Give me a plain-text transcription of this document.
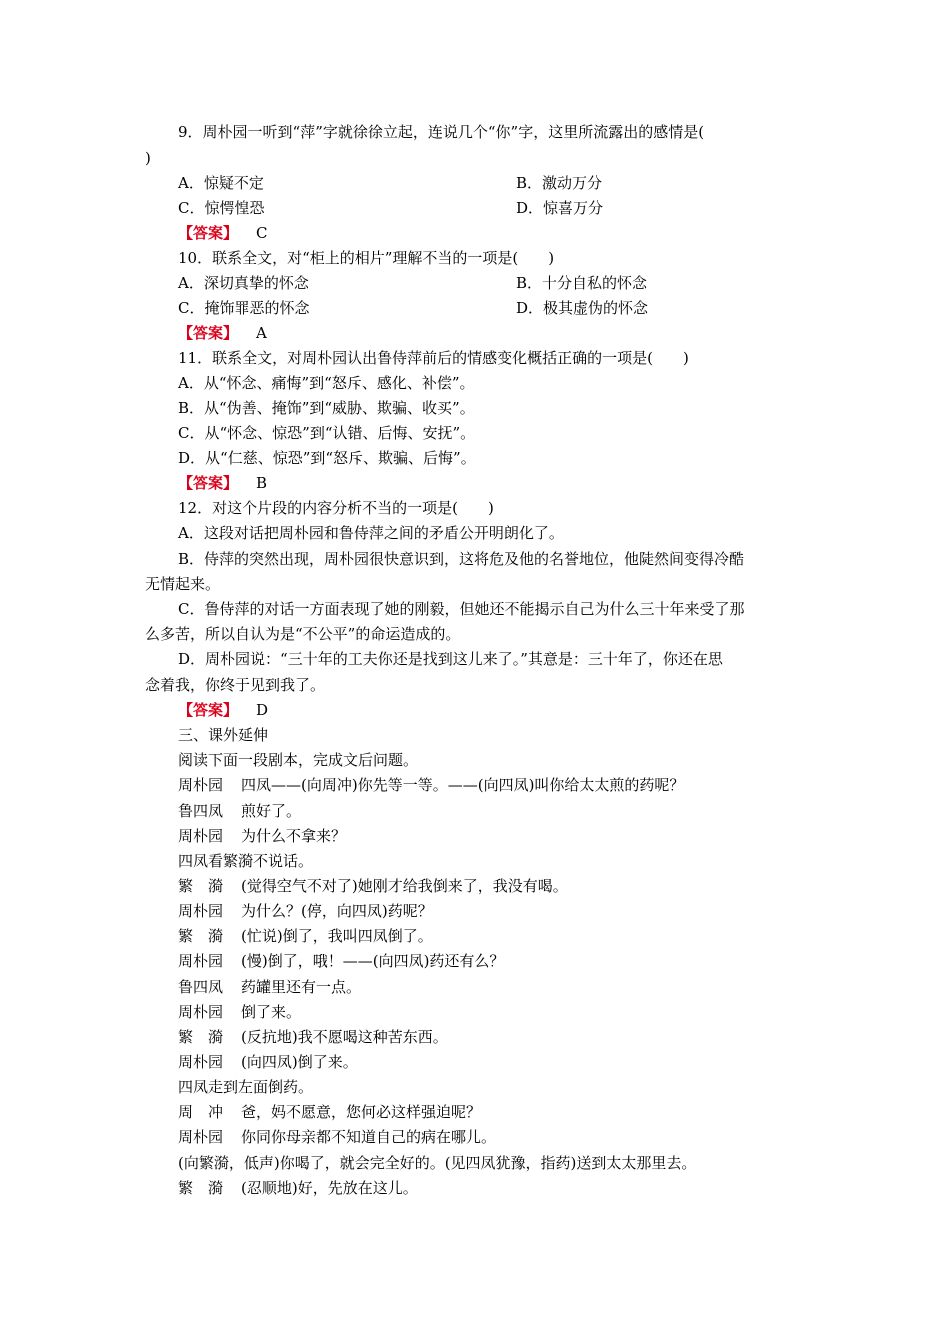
9．周朴园一听到“萍”字就徐徐立起，连说几个“你”字，这里所流露出的感情是(
)
A．惊疑不定	B．激动万分
C．惊愕惶恐	D．惊喜万分
【答案】 C
10．联系全文，对“柜上的相片”理解不当的一项是(　　)
A．深切真挚的怀念	B．十分自私的怀念
C．掩饰罪恶的怀念	D．极其虚伪的怀念
【答案】 A
11．联系全文，对周朴园认出鲁侍萍前后的情感变化概括正确的一项是(　　)
A．从“怀念、痛悔”到“怒斥、感化、补偿”。
B．从“伪善、掩饰”到“威胁、欺骗、收买”。
C．从“怀念、惊恐”到“认错、后悔、安抚”。
D．从“仁慈、惊恐”到“怒斥、欺骗、后悔”。
【答案】 B
12．对这个片段的内容分析不当的一项是(　　)
A．这段对话把周朴园和鲁侍萍之间的矛盾公开明朗化了。
B．侍萍的突然出现，周朴园很快意识到，这将危及他的名誉地位，他陡然间变得冷酷
无情起来。
C．鲁侍萍的对话一方面表现了她的刚毅，但她还不能揭示自己为什么三十年来受了那
么多苦，所以自认为是“不公平”的命运造成的。
D．周朴园说：“三十年的工夫你还是找到这儿来了。”其意是：三十年了，你还在思
念着我，你终于见到我了。
【答案】 D
三、课外延伸
阅读下面一段剧本，完成文后问题。
周朴园 四凤——(向周冲)你先等一等。——(向四凤)叫你给太太煎的药呢？
鲁四凤 煎好了。
周朴园 为什么不拿来？
四凤看繁漪不说话。
繁　漪 (觉得空气不对了)她刚才给我倒来了，我没有喝。
周朴园 为什么？(停，向四凤)药呢？
繁　漪 (忙说)倒了，我叫四凤倒了。
周朴园 (慢)倒了，哦！——(向四凤)药还有么？
鲁四凤 药罐里还有一点。
周朴园 倒了来。
繁　漪 (反抗地)我不愿喝这种苦东西。
周朴园 (向四凤)倒了来。
四凤走到左面倒药。
周　冲 爸，妈不愿意，您何必这样强迫呢？
周朴园 你同你母亲都不知道自己的病在哪儿。
(向繁漪，低声)你喝了，就会完全好的。(见四凤犹豫，指药)送到太太那里去。
繁　漪 (忍顺地)好，先放在这儿。
